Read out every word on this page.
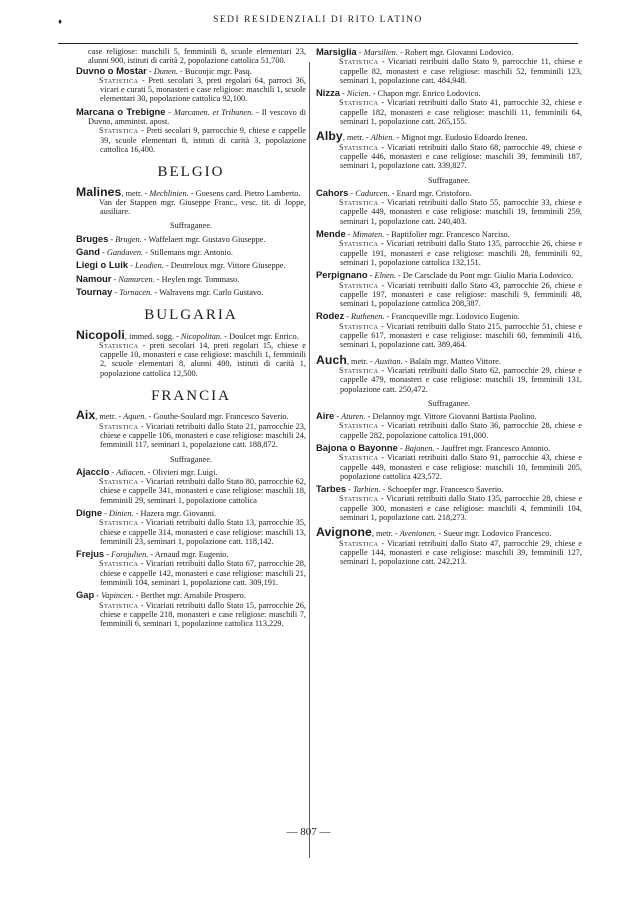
♦	SEDI RESIDENZIALI DI RITO LATINO

case religiose: maschili 5, femminili 8, scuole elementari 23, alunni 900, istituti di carità 2, popolazione cattolica 51,700.

Duvno o Mostar - Dunen. - Buconjic mgr. Pasq.

Statistica - Preti secolari 3, preti regolari 64, parroci 36, vicari e curati 5, monasteri e case religiose: maschili 1, scuole elementari 30, popolazione cattolica 92,100.

Marcana o Trebigne - Marcanen. et Tribunen. - Il vescovo di Duvno, amminist. apost.

Statistica - Preti secolari 9, parrocchie 9, chiese e cappelle 39, scuole elementari 8, istituti di carità 3, popolazione cattolica 16,400.

BELGIO
Malines, metr. - Mechlinien. - Goesens card. Pietro Lamberto.

Van der Stappen mgr. Giuseppe Franc., vesc. tit. di Joppe, ausiliare.

Suffraganee.
Bruges - Brugen. - Waffelaert mgr. Gustavo Giuseppe.
Gand - Gandaven. - Stillemans mgr. Antonio.
Liegi o Luik - Leodien. - Deutreloux mgr. Vittore Giuseppe.
Namour - Namurcen. - Heylen mgr. Tommaso.
Tournay - Tornacen. - Walravens mgr. Carlo Gustavo.
BULGARIA
Nicopoli, immed. sogg. - Nicopolitan. - Doulcet mgr. Enrico.

Statistica - preti secolari 14, preti regolari 15, chiese e cappelle 10, monasteri e case religiose: maschili 1, femminili 2, scuole elementari 8, alunni 400, istituti di carità 1, popolazione cattolica 12,500.

FRANCIA
Aix, metr. - Aquen. - Gouthe-Soulard mgr. Francesco Saverio.

Statistica - Vicariati retribuiti dallo Stato 21, parrocchie 23, chiese e cappelle 106, monasteri e case religiose: maschili 24, femminili 117, seminari 1, popolazione catt. 188,872.

Suffraganee.
Ajaccio - Adiacen. - Olivieri mgr. Luigi.

Statistica - Vicariati retribuiti dallo Stato 80, parrocchie 62, chiese e cappelle 341, monasteri e case religiose: maschili 18, femminili 29, seminari 1, popolazione cattolica

Digne - Dinien. - Hazera mgr. Giovanni.

Statistica - Vicariati retribuiti dallo Stato 13, parrocchie 35, chiese e cappelle 314, monasteri e case religiose: maschili 13, femminili 23, seminari 1, popolazione catt. 118,142.

Frejus - Forojulien. - Arnaud mgr. Eugenio.

Statistica - Vicariati retribuiti dallo Stato 67, parrocchie 28, chiese e cappelle 142, monasteri e case religiose: maschili 21, femminili 104, seminari 1, popolazione catt. 309,191.

Gap - Vapincen. - Berthet mgr. Amabile Prospero.

Statistica - Vicariati retribuiti dallo Stato 15, parrocchie 26, chiese e cappelle 218, monasteri e case religiose: maschili 7, femminili 6, seminari 1, popolazione cattolica 113,229.

Marsiglia - Marsilien. - Robert mgr. Giovanni Lodovico.

Statistica - Vicariati retribuiti dallo Stato 9, parrocchie 11, chiese e cappelle 82, monasteri e case religiose: maschili 52, femminili 123, seminari 1, popolazione catt. 484,948.

Nizza - Nicien. - Chapon mgr. Enrico Lodovico.

Statistica - Vicariati retribuiti dallo Stato 41, parrocchie 32, chiese e cappelle 182, monasteri e case religiose: maschili 11, femminili 64, seminari 1, popolazione catt. 265,155.

Alby, metr. - Albien. - Mignot mgr. Eudosio Edoardo Ireneo.

Statistica - Vicariati retribuiti dallo Stato 68, parrocchie 49, chiese e cappelle 446, monasteri e case religiose: maschili 39, femminili 187, seminari 1, popolazione catt. 339,827.

Suffraganee.
Cahors - Cadurcen. - Enard mgr. Cristoforo.

Statistica - Vicariati retribuiti dallo Stato 55, parrocchie 33, chiese e cappelle 449, monasteri e case religiose: maschili 19, femminili 259, seminari 1, popolazione catt. 240,403.

Mende - Mimaten. - Baptifolier mgr. Francesco Narciso.

Statistica - Vicariati retribuiti dallo Stato 135, parrocchie 26, chiese e cappelle 191, monasteri e case religiose: maschili 28, femminili 92, seminari 1, popolazione cattolica 132,151.

Perpignano - Elnen. - De Carsclade du Pont mgr. Giulio Maria Lodovico.

Statistica - Vicariati retribuiti dallo Stato 43, parrocchie 26, chiese e cappelle 197, monasteri e case religiose: maschili 9, femminili 48, seminari 1, popolazione cattolica 208,387.

Rodez - Ruthenen. - Francqueville mgr. Lodovico Eugenio.

Statistica - Vicariati retribuiti dallo Stato 215, parrocchie 51, chiese e cappelle 617, monasteri e case religiose: maschili 60, femminili 416, seminari 1, popolazione catt. 389,464.

Auch, metr. - Auxitan. - Balaïn mgr. Matteo Vittore.

Statistica - Vicariati retribuiti dallo Stato 62, parrocchie 29, chiese e cappelle 479, monasteri e case religiose: maschili 19, femminili 131, popolazione catt. 250,472.

Suffraganee.
Aire - Aturen. - Delannoy mgr. Vittore Giovanni Battista Paolino.

Statistica - Vicariati retribuiti dallo Stato 36, parrocchie 28, chiese e cappelle 282, popolazione cattolica 191,000.

Bajona o Bayonne - Bajonen. - Jauffret mgr. Francesco Antonio.

Statistica - Vicariati retribuiti dallo Stato 91, parrocchie 43, chiese e cappelle 449, monasteri e case religiose: maschili 10, femminili 205, popolazione cattolica 423,572.

Tarbes - Tarbien. - Schoepfer mgr. Francesco Saverio.

Statistica - Vicariati retribuiti dallo Stato 135, parrocchie 28, chiese e cappelle 300, monasteri e case religiose: maschili 4, femminili 104, seminari 1, popolazione catt. 218,273.

Avignone, metr. - Avenionen. - Sueur mgr. Lodovico Francesco.

Statistica - Vicariati retribuiti dallo Stato 47, parrocchie 29, chiese e cappelle 144, monasteri e case religiose: maschili 39, femminili 127, seminari 1, popolazione catt. 242,213.

— 807 —
